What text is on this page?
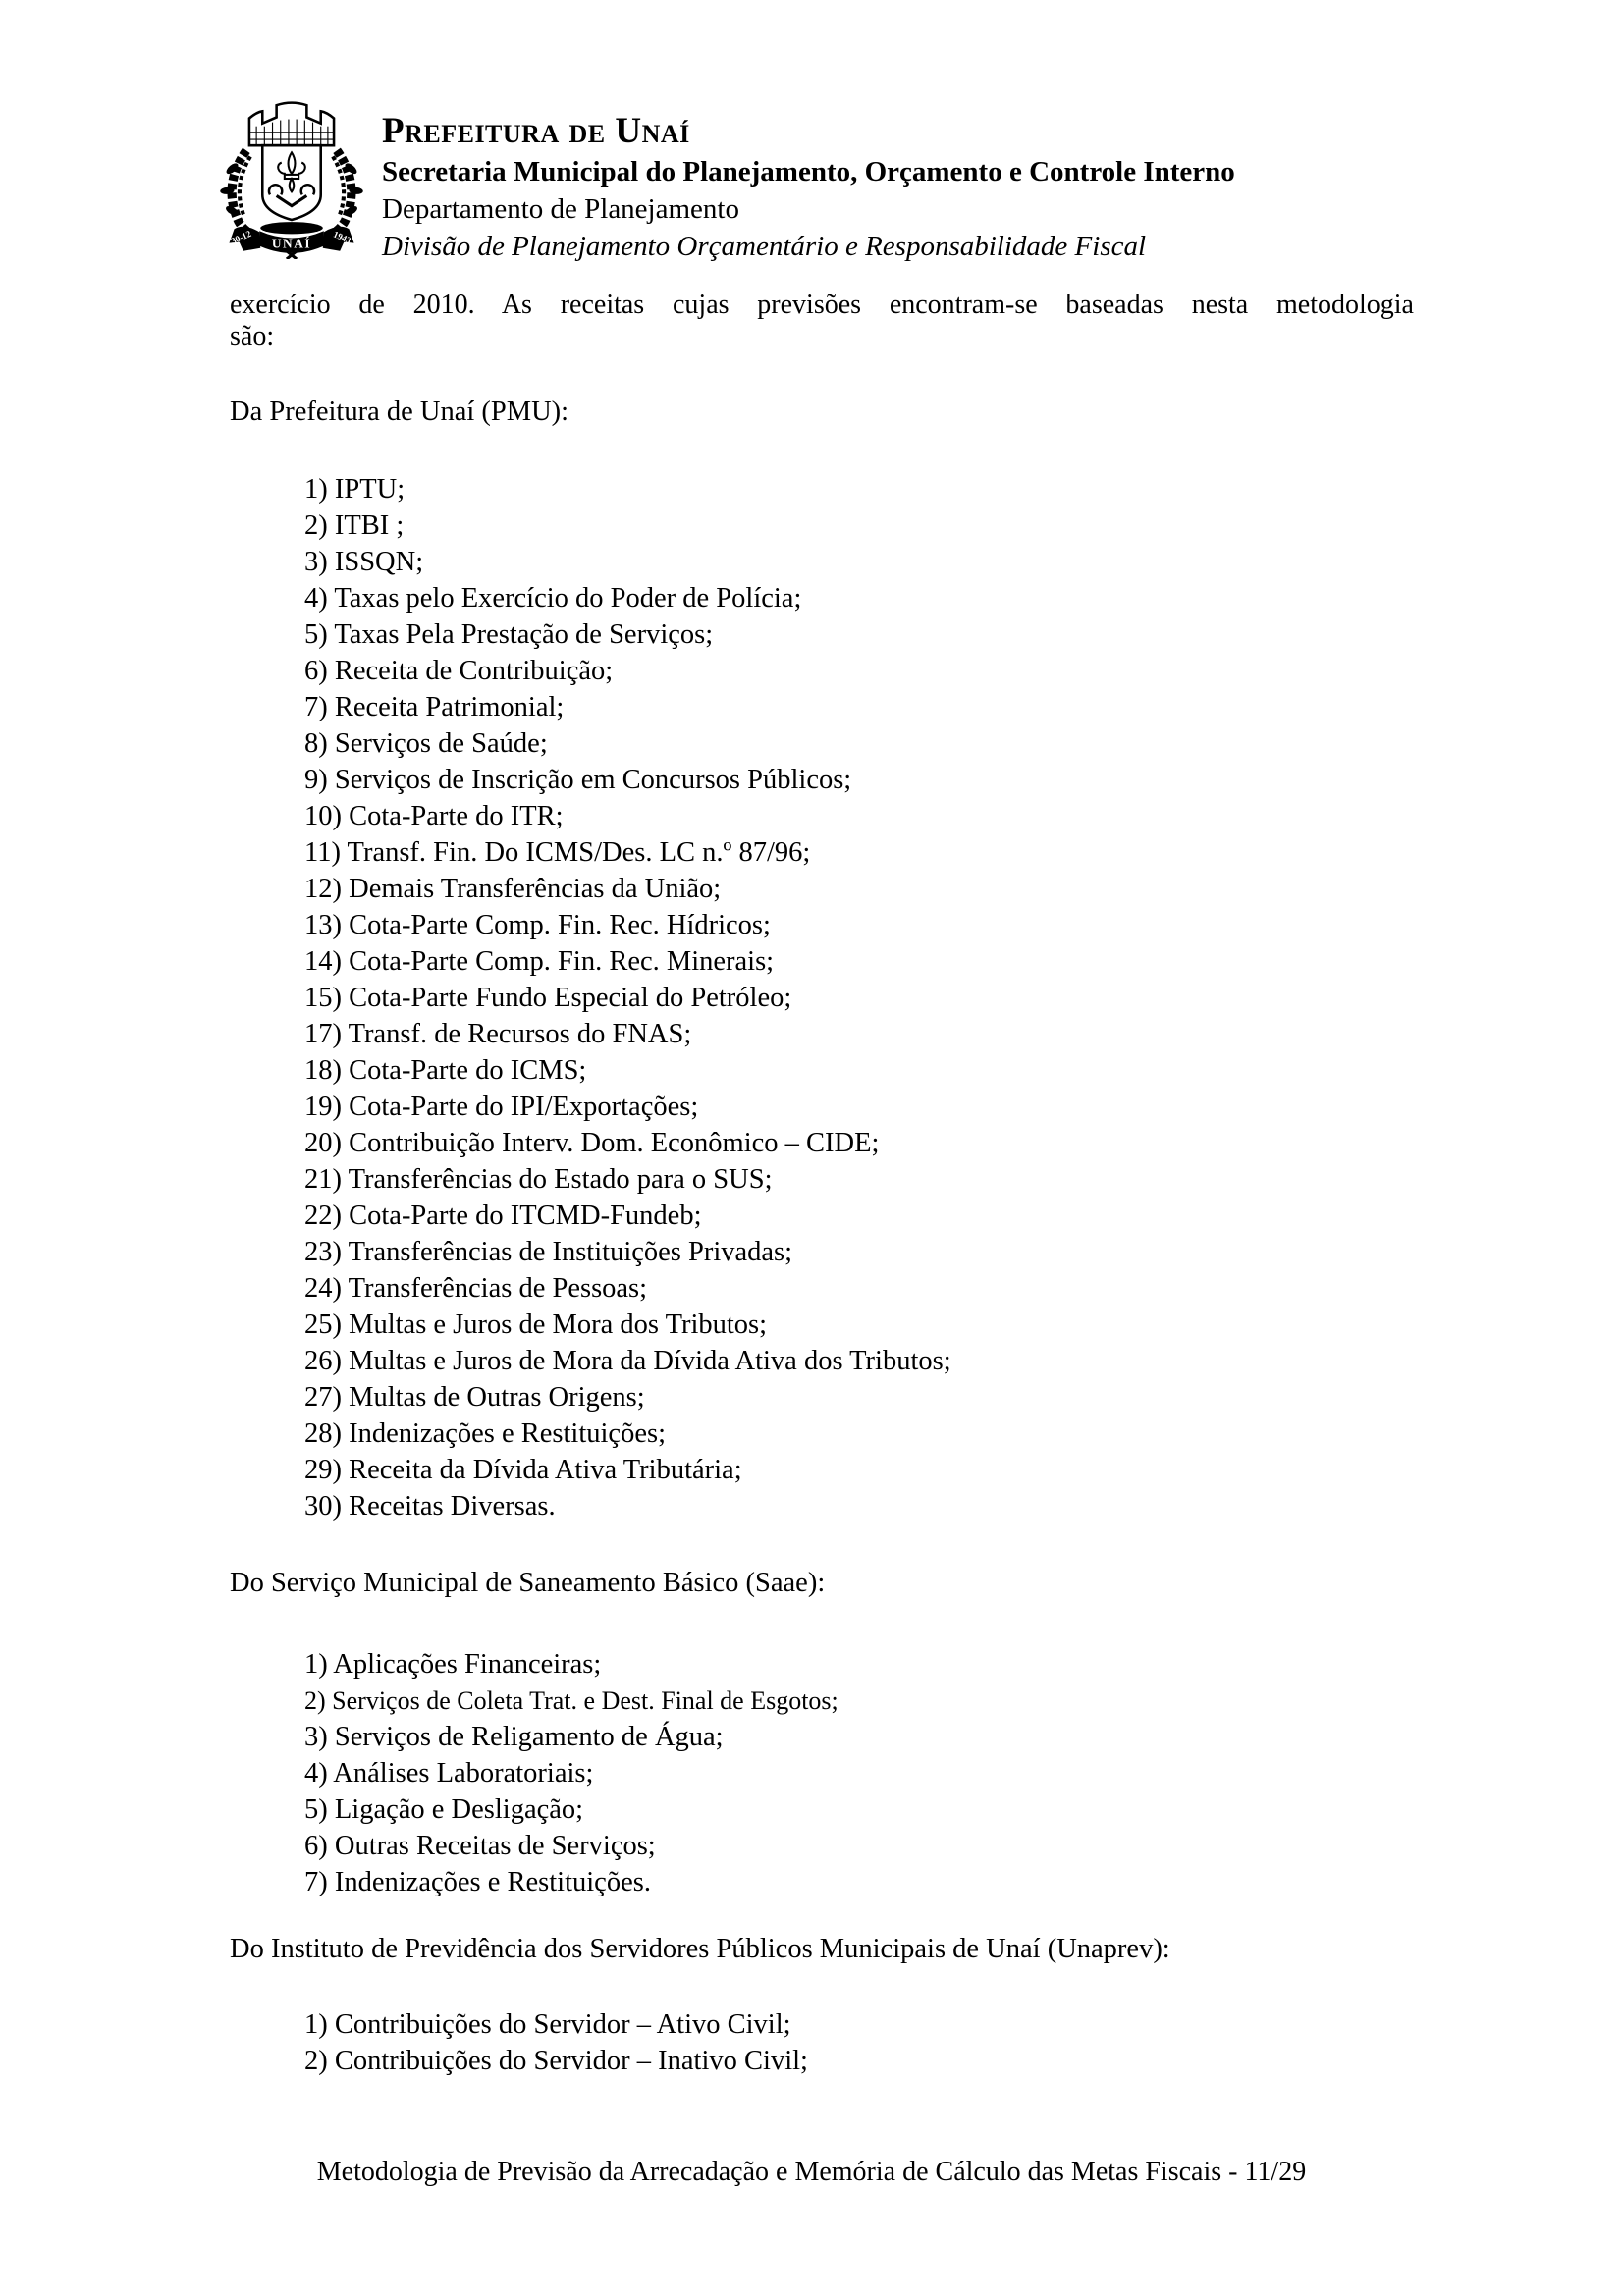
UNAÍ
30-12	1943
Prefeitura de Unaí
Secretaria Municipal do Planejamento, Orçamento e Controle Interno
Departamento de Planejamento
Divisão de Planejamento Orçamentário e Responsabilidade Fiscal
exercício de 2010. As receitas cujas previsões encontram-se baseadas nesta metodologia
são:
Da Prefeitura de Unaí (PMU):
1) IPTU;
2) ITBI ;
3) ISSQN;
4) Taxas pelo Exercício do Poder de Polícia;
5) Taxas Pela Prestação de Serviços;
6) Receita de Contribuição;
7) Receita Patrimonial;
8) Serviços de Saúde;
9) Serviços de Inscrição em Concursos Públicos;
10) Cota-Parte do ITR;
11) Transf. Fin. Do ICMS/Des. LC n.º 87/96;
12) Demais Transferências da União;
13) Cota-Parte Comp. Fin. Rec. Hídricos;
14) Cota-Parte Comp. Fin. Rec. Minerais;
15) Cota-Parte Fundo Especial do Petróleo;
17) Transf. de Recursos do FNAS;
18) Cota-Parte do ICMS;
19) Cota-Parte do IPI/Exportações;
20) Contribuição Interv. Dom. Econômico – CIDE;
21) Transferências do Estado para o SUS;
22) Cota-Parte do ITCMD-Fundeb;
23) Transferências de Instituições Privadas;
24) Transferências de Pessoas;
25) Multas e Juros de Mora dos Tributos;
26) Multas e Juros de Mora da Dívida Ativa dos Tributos;
27) Multas de Outras Origens;
28) Indenizações e Restituições;
29) Receita da Dívida Ativa Tributária;
30) Receitas Diversas.
Do Serviço Municipal de Saneamento Básico (Saae):
1) Aplicações Financeiras;
2) Serviços de Coleta Trat. e Dest. Final de Esgotos;
3) Serviços de Religamento de Água;
4) Análises Laboratoriais;
5) Ligação e Desligação;
6) Outras Receitas de Serviços;
7) Indenizações e Restituições.
Do Instituto de Previdência dos Servidores Públicos Municipais de Unaí (Unaprev):
1) Contribuições do Servidor – Ativo Civil;
2) Contribuições do Servidor – Inativo Civil;
Metodologia de Previsão da Arrecadação e Memória de Cálculo das Metas Fiscais - 11/29
